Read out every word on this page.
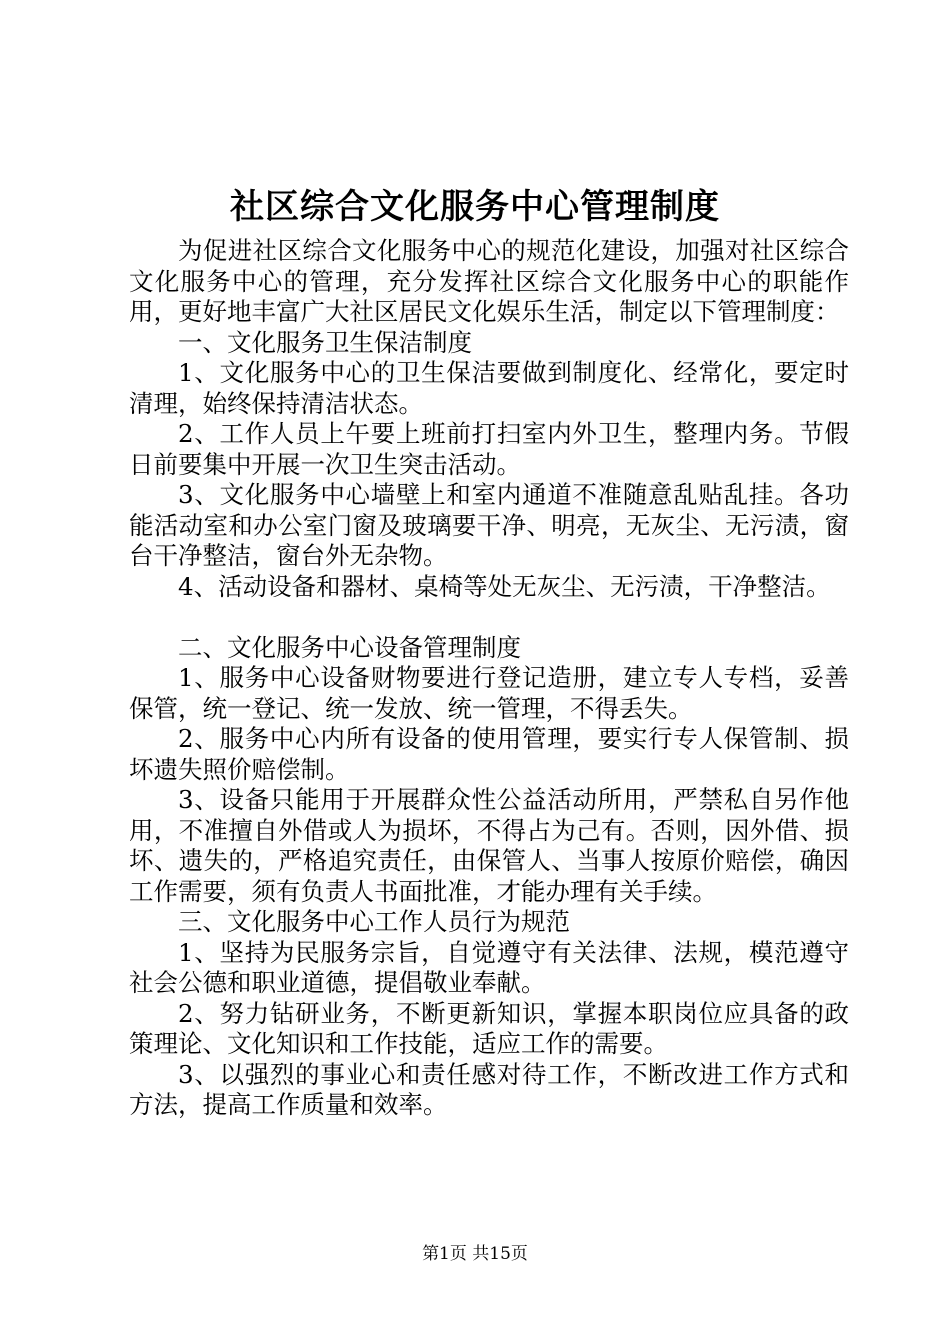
社区综合文化服务中心管理制度

为促进社区综合文化服务中心的规范化建设，加强对社区综合文化服务中心的管理，充分发挥社区综合文化服务中心的职能作用，更好地丰富广大社区居民文化娱乐生活，制定以下管理制度：

一、文化服务卫生保洁制度

1、文化服务中心的卫生保洁要做到制度化、经常化，要定时清理，始终保持清洁状态。

2、工作人员上午要上班前打扫室内外卫生，整理内务。节假日前要集中开展一次卫生突击活动。

3、文化服务中心墙壁上和室内通道不准随意乱贴乱挂。各功能活动室和办公室门窗及玻璃要干净、明亮，无灰尘、无污渍，窗台干净整洁，窗台外无杂物。

4、活动设备和器材、桌椅等处无灰尘、无污渍，干净整洁。

二、文化服务中心设备管理制度

1、服务中心设备财物要进行登记造册，建立专人专档，妥善保管，统一登记、统一发放、统一管理，不得丢失。

2、服务中心内所有设备的使用管理，要实行专人保管制、损坏遗失照价赔偿制。

3、设备只能用于开展群众性公益活动所用，严禁私自另作他用，不准擅自外借或人为损坏，不得占为己有。否则，因外借、损坏、遗失的，严格追究责任，由保管人、当事人按原价赔偿，确因工作需要，须有负责人书面批准，才能办理有关手续。

三、文化服务中心工作人员行为规范

1、坚持为民服务宗旨，自觉遵守有关法律、法规，模范遵守社会公德和职业道德，提倡敬业奉献。

2、努力钻研业务，不断更新知识，掌握本职岗位应具备的政策理论、文化知识和工作技能，适应工作的需要。

3、以强烈的事业心和责任感对待工作，不断改进工作方式和方法，提高工作质量和效率。

第1页 共15页
